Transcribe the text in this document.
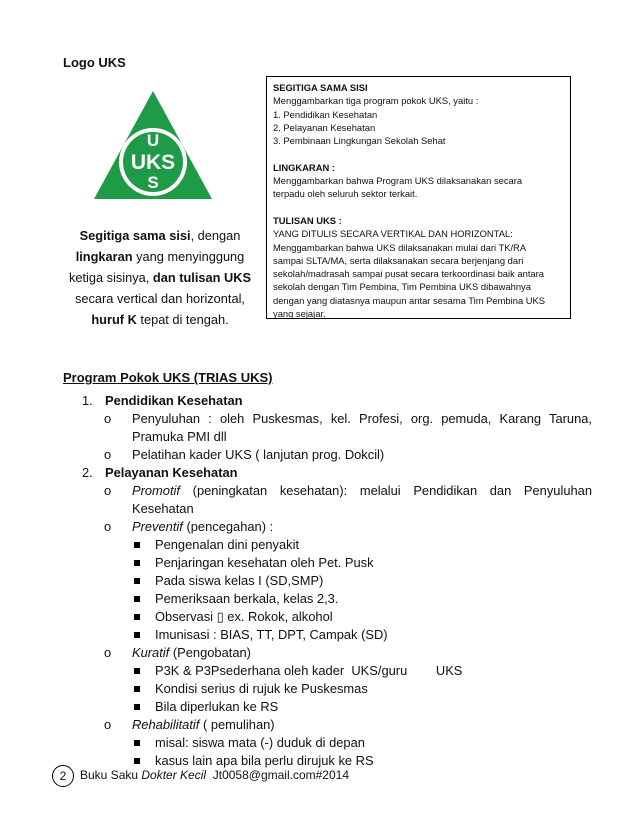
Logo UKS
U
UKS
S
Segitiga sama sisi, dengan lingkaran yang menyinggung ketiga sisinya, dan tulisan UKS secara vertical dan horizontal, huruf K tepat di tengah.
SEGITIGA SAMA SISI
Menggambarkan tiga program pokok UKS, yaitu :
1. Pendidikan Kesehatan
2. Pelayanan Kesehatan
3. Pembinaan Lingkungan Sekolah Sehat
LINGKARAN :
Menggambarkan bahwa Program UKS dilaksanakan secara
terpadu oleh seluruh sektor terkait.
TULISAN UKS :
YANG DITULIS SECARA VERTIKAL DAN HORIZONTAL:
Menggambarkan bahwa UKS dilaksanakan mulai dari TK/RA
sampai SLTA/MA, serta dilaksanakan secara berjenjang dari
sekolah/madrasah sampai pusat secara terkoordinasi baik antara
sekolah dengan Tim Pembina, Tim Pembina UKS dibawahnya
dengan yang diatasnya maupun antar sesama Tim Pembina UKS
yang sejajar.
Program Pokok UKS (TRIAS UKS)
1. Pendidikan Kesehatan
o Penyuluhan : oleh Puskesmas, kel. Profesi, org. pemuda, Karang Taruna,
Pramuka PMI dll
o Pelatihan kader UKS ( lanjutan prog. Dokcil)
2. Pelayanan Kesehatan
o Promotif (peningkatan kesehatan): melalui Pendidikan dan Penyuluhan
Kesehatan
o Preventif (pencegahan) :
Pengenalan dini penyakit
Penjaringan kesehatan oleh Pet. Pusk
Pada siswa kelas I (SD,SMP)
Pemeriksaan berkala, kelas 2,3.
Observasi ▯ ex. Rokok, alkohol
Imunisasi : BIAS, TT, DPT, Campak (SD)
o Kuratif (Pengobatan)
P3K & P3Psederhana oleh kader  UKS/guru        UKS
Kondisi serius di rujuk ke Puskesmas
Bila diperlukan ke RS
o Rehabilitatif ( pemulihan)
misal: siswa mata (-) duduk di depan
kasus lain apa bila perlu dirujuk ke RS
2 Buku Saku Dokter Kecil  Jt0058@gmail.com#2014
